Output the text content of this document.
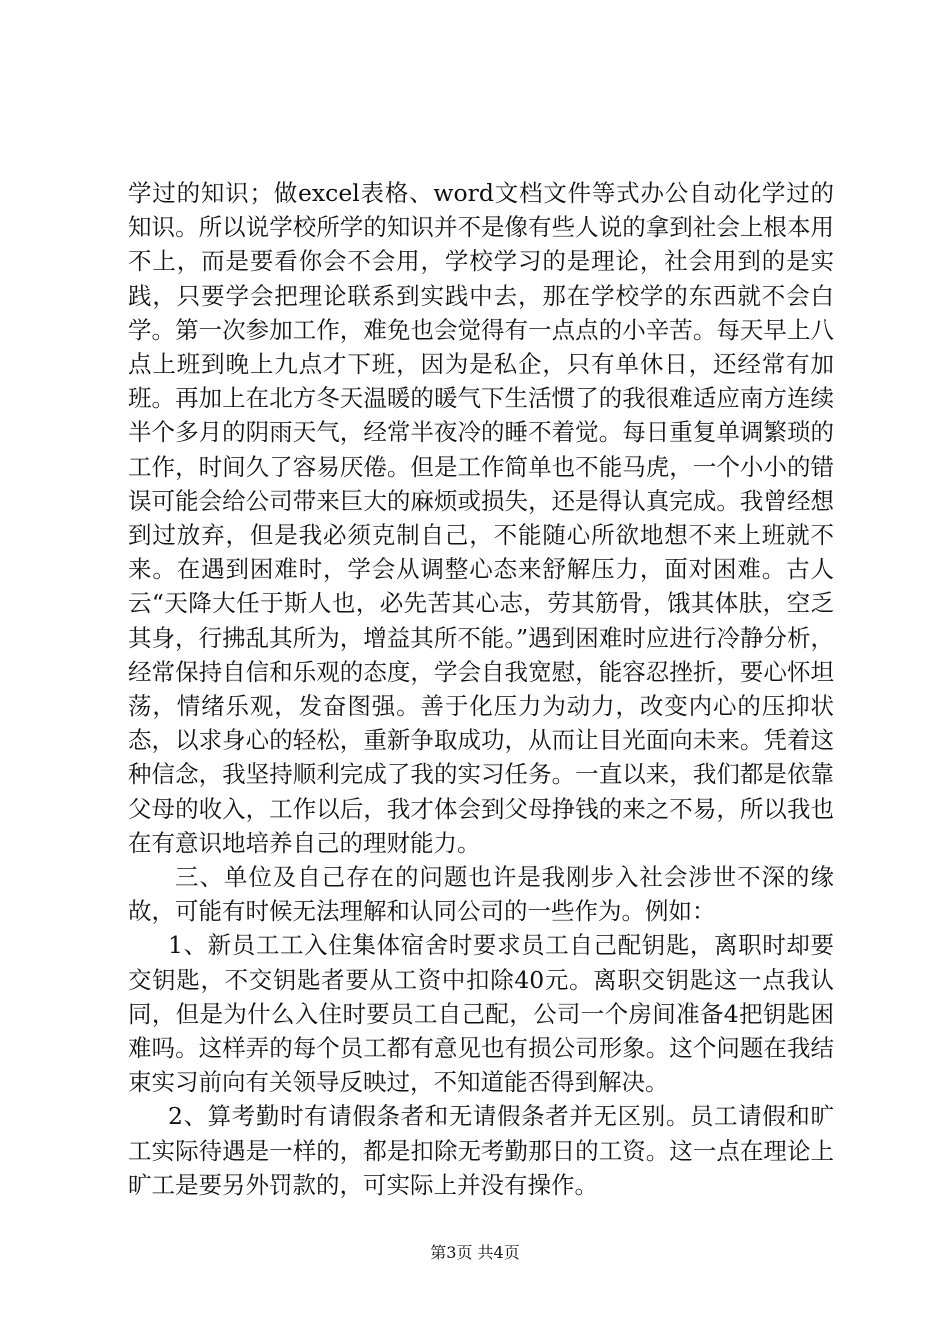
学过的知识；做excel表格、word文档文件等式办公自动化学过的知识。所以说学校所学的知识并不是像有些人说的拿到社会上根本用不上，而是要看你会不会用，学校学习的是理论，社会用到的是实践，只要学会把理论联系到实践中去，那在学校学的东西就不会白学。第一次参加工作，难免也会觉得有一点点的小辛苦。每天早上八点上班到晚上九点才下班，因为是私企，只有单休日，还经常有加班。再加上在北方冬天温暖的暖气下生活惯了的我很难适应南方连续半个多月的阴雨天气，经常半夜冷的睡不着觉。每日重复单调繁琐的工作，时间久了容易厌倦。但是工作简单也不能马虎，一个小小的错误可能会给公司带来巨大的麻烦或损失，还是得认真完成。我曾经想到过放弃，但是我必须克制自己，不能随心所欲地想不来上班就不来。在遇到困难时，学会从调整心态来舒解压力，面对困难。古人云“天降大任于斯人也，必先苦其心志，劳其筋骨，饿其体肤，空乏其身，行拂乱其所为，增益其所不能。”遇到困难时应进行冷静分析，经常保持自信和乐观的态度，学会自我宽慰，能容忍挫折，要心怀坦荡，情绪乐观，发奋图强。善于化压力为动力，改变内心的压抑状态，以求身心的轻松，重新争取成功，从而让目光面向未来。凭着这种信念，我坚持顺利完成了我的实习任务。一直以来，我们都是依靠父母的收入，工作以后，我才体会到父母挣钱的来之不易，所以我也在有意识地培养自己的理财能力。

三、单位及自己存在的问题也许是我刚步入社会涉世不深的缘故，可能有时候无法理解和认同公司的一些作为。例如：

1、新员工工入住集体宿舍时要求员工自己配钥匙，离职时却要交钥匙，不交钥匙者要从工资中扣除40元。离职交钥匙这一点我认同，但是为什么入住时要员工自己配，公司一个房间准备4把钥匙困难吗。这样弄的每个员工都有意见也有损公司形象。这个问题在我结束实习前向有关领导反映过，不知道能否得到解决。

2、算考勤时有请假条者和无请假条者并无区别。员工请假和旷工实际待遇是一样的，都是扣除无考勤那日的工资。这一点在理论上旷工是要另外罚款的，可实际上并没有操作。

第3页 共4页
